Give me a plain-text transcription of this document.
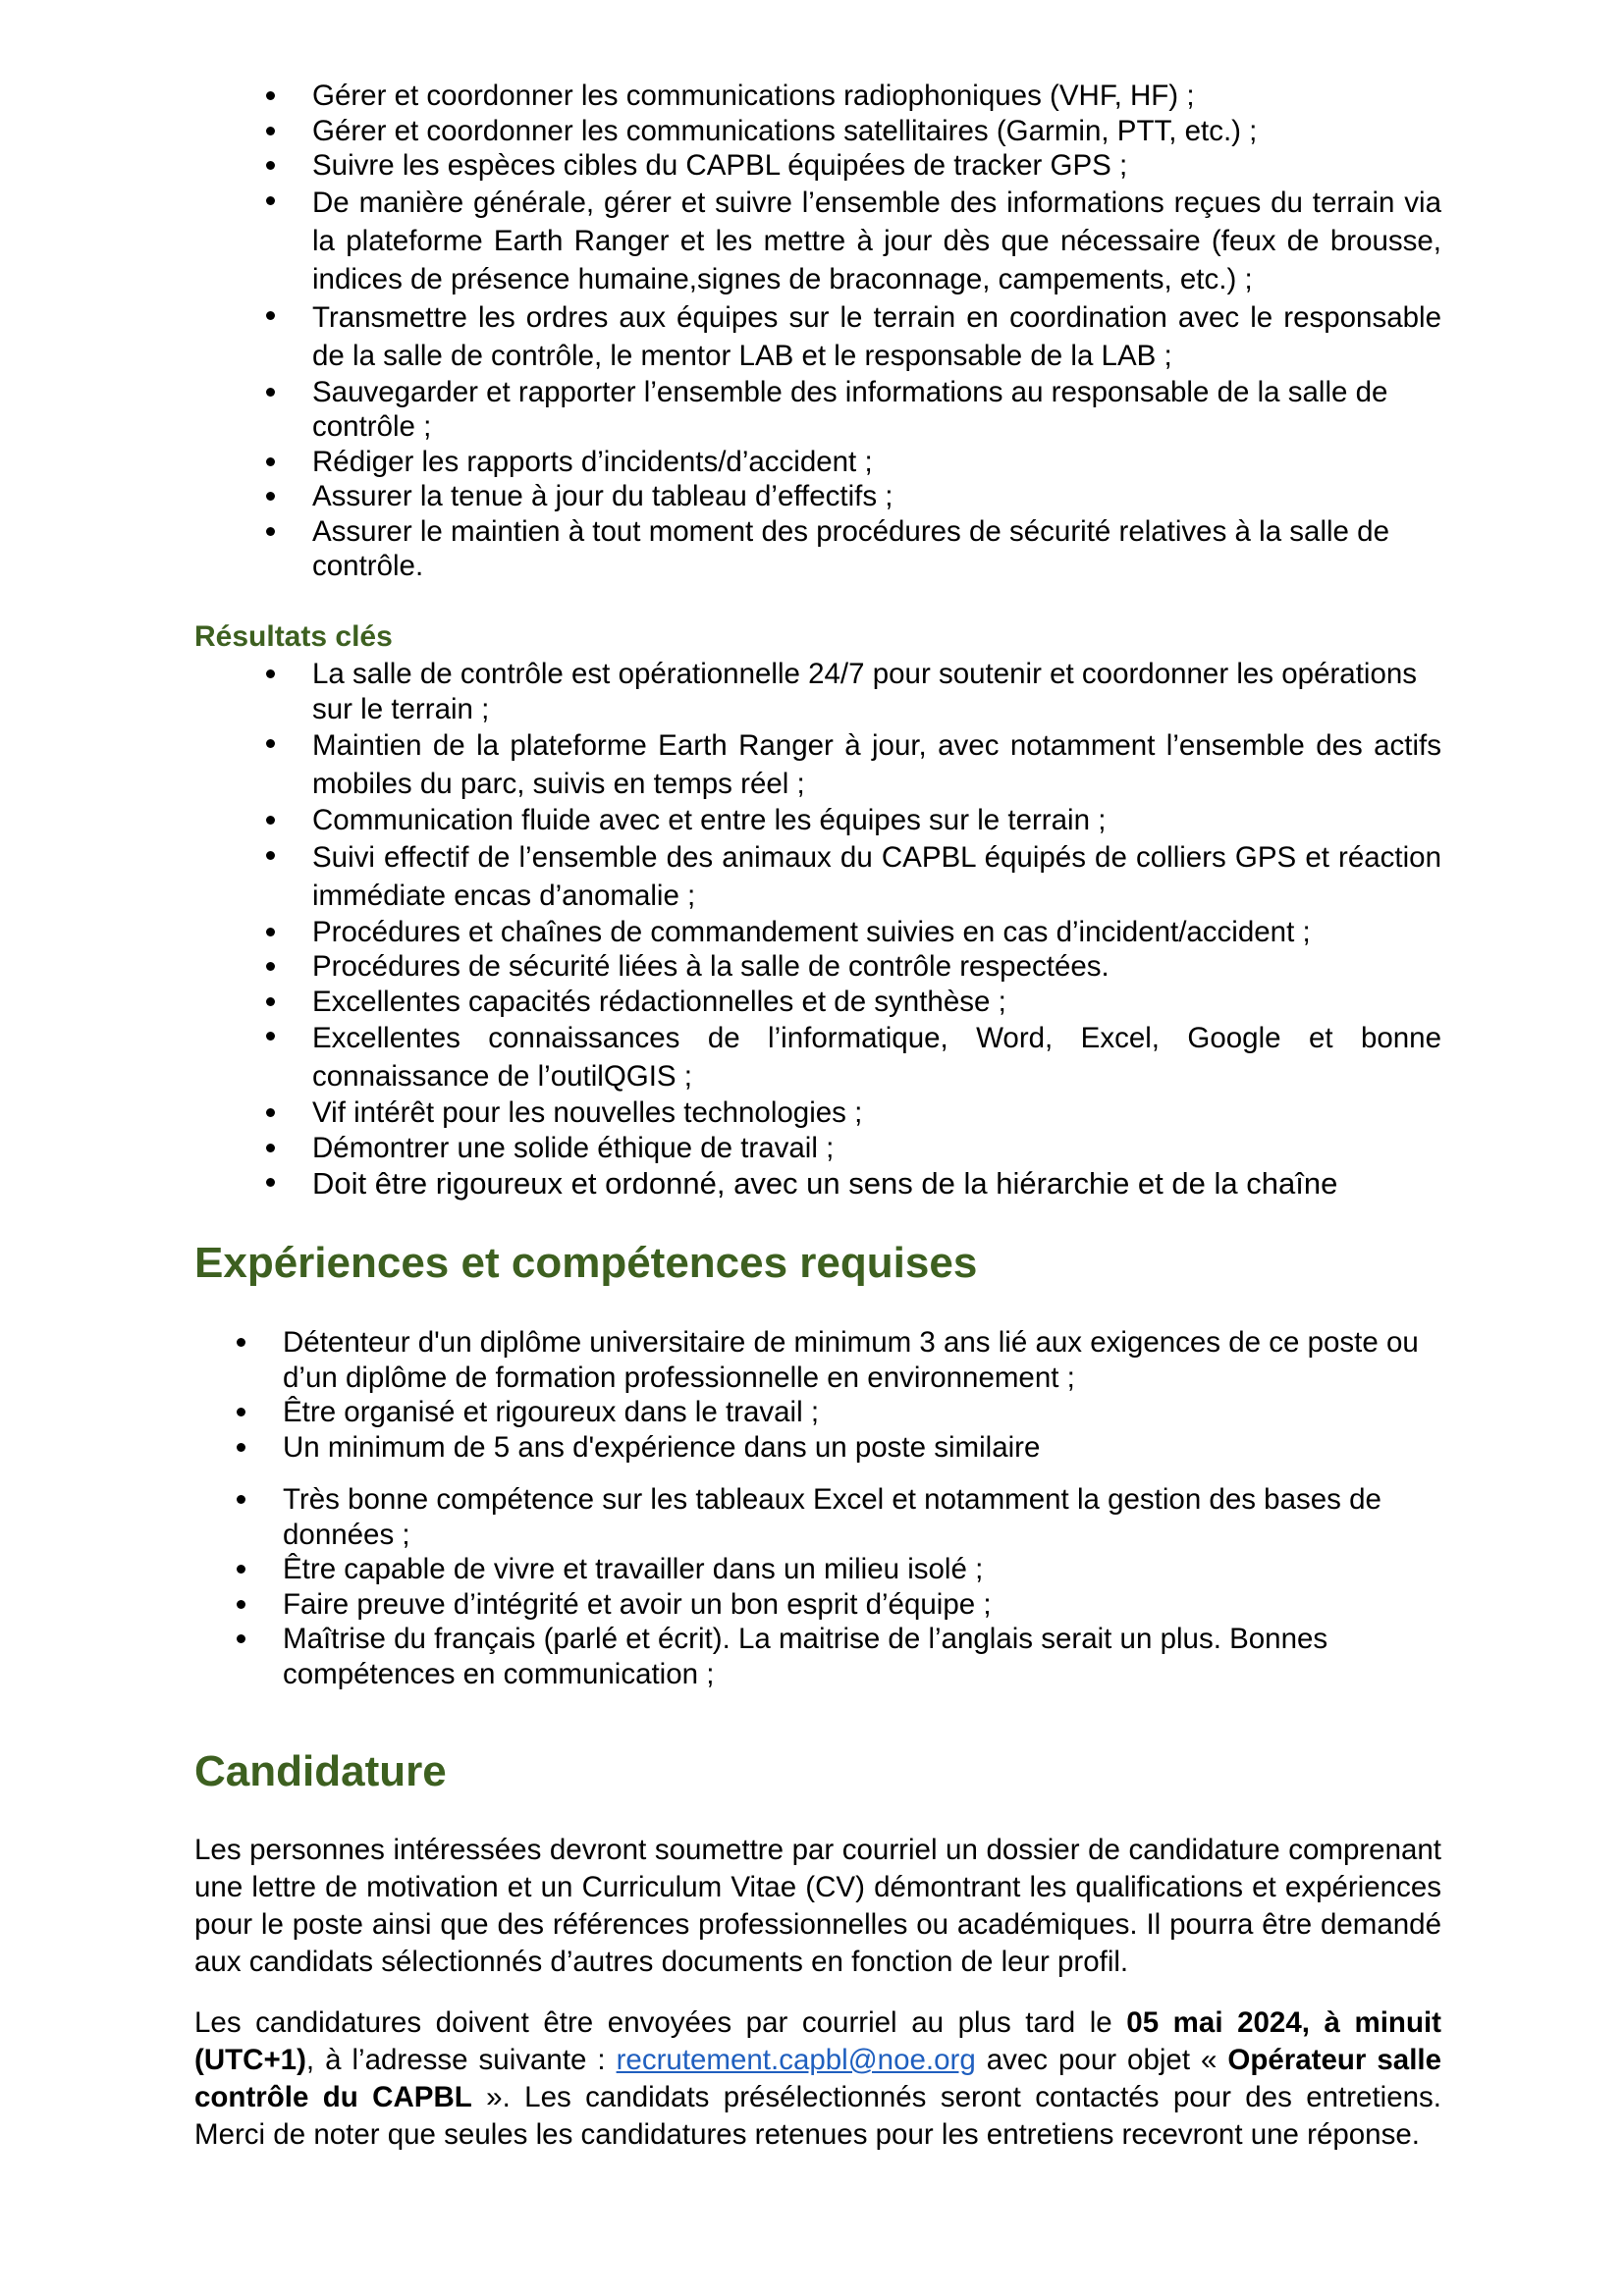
Gérer et coordonner les communications radiophoniques (VHF, HF) ;
Gérer et coordonner les communications satellitaires (Garmin, PTT, etc.) ;
Suivre les espèces cibles du CAPBL équipées de tracker GPS ;
De manière générale, gérer et suivre l’ensemble des informations reçues du terrain via la plateforme Earth Ranger et les mettre à jour dès que nécessaire (feux de brousse, indices de présence humaine,signes de braconnage, campements, etc.) ;
Transmettre les ordres aux équipes sur le terrain en coordination avec le responsable de la salle de contrôle, le mentor LAB et le responsable de la LAB ;
Sauvegarder et rapporter l’ensemble des informations au responsable de la salle de contrôle ;
Rédiger les rapports d’incidents/d’accident ;
Assurer la tenue à jour du tableau d’effectifs ;
Assurer le maintien à tout moment des procédures de sécurité relatives à la salle de contrôle.
Résultats clés
La salle de contrôle est opérationnelle 24/7 pour soutenir et coordonner les opérations sur le terrain ;
Maintien de la plateforme Earth Ranger à jour, avec notamment l’ensemble des actifs mobiles du parc, suivis en temps réel ;
Communication fluide avec et entre les équipes sur le terrain ;
Suivi effectif de l’ensemble des animaux du CAPBL équipés de colliers GPS et réaction immédiate encas d’anomalie ;
Procédures et chaînes de commandement suivies en cas d’incident/accident ;
Procédures de sécurité liées à la salle de contrôle respectées.
Excellentes capacités rédactionnelles et de synthèse ;
Excellentes connaissances de l’informatique, Word, Excel, Google et bonne connaissance de l’outilQGIS ;
Vif intérêt pour les nouvelles technologies ;
Démontrer une solide éthique de travail ;
Doit être rigoureux et ordonné, avec un sens de la hiérarchie et de la chaîne
Expériences et compétences requises
Détenteur d'un diplôme universitaire de minimum 3 ans lié aux exigences de ce poste ou d’un diplôme de formation professionnelle en environnement ;
Être organisé et rigoureux dans le travail ;
Un minimum de 5 ans d'expérience dans un poste similaire
Très bonne compétence sur les tableaux Excel et notamment la gestion des bases de données ;
Être capable de vivre et travailler dans un milieu isolé ;
Faire preuve d’intégrité et avoir un bon esprit d’équipe ;
Maîtrise du français (parlé et écrit). La maitrise de l’anglais serait un plus. Bonnes compétences en communication ;
Candidature

Les personnes intéressées devront soumettre par courriel un dossier de candidature comprenant une lettre de motivation et un Curriculum Vitae (CV) démontrant les qualifications et expériences pour le poste ainsi que des références professionnelles ou académiques. Il pourra être demandé aux candidats sélectionnés d’autres documents en fonction de leur profil.

Les candidatures doivent être envoyées par courriel au plus tard le 05 mai 2024, à minuit (UTC+1), à l’adresse suivante : recrutement.capbl@noe.org avec pour objet « Opérateur salle contrôle du CAPBL ». Les candidats présélectionnés seront contactés pour des entretiens. Merci de noter que seules les candidatures retenues pour les entretiens recevront une réponse.
